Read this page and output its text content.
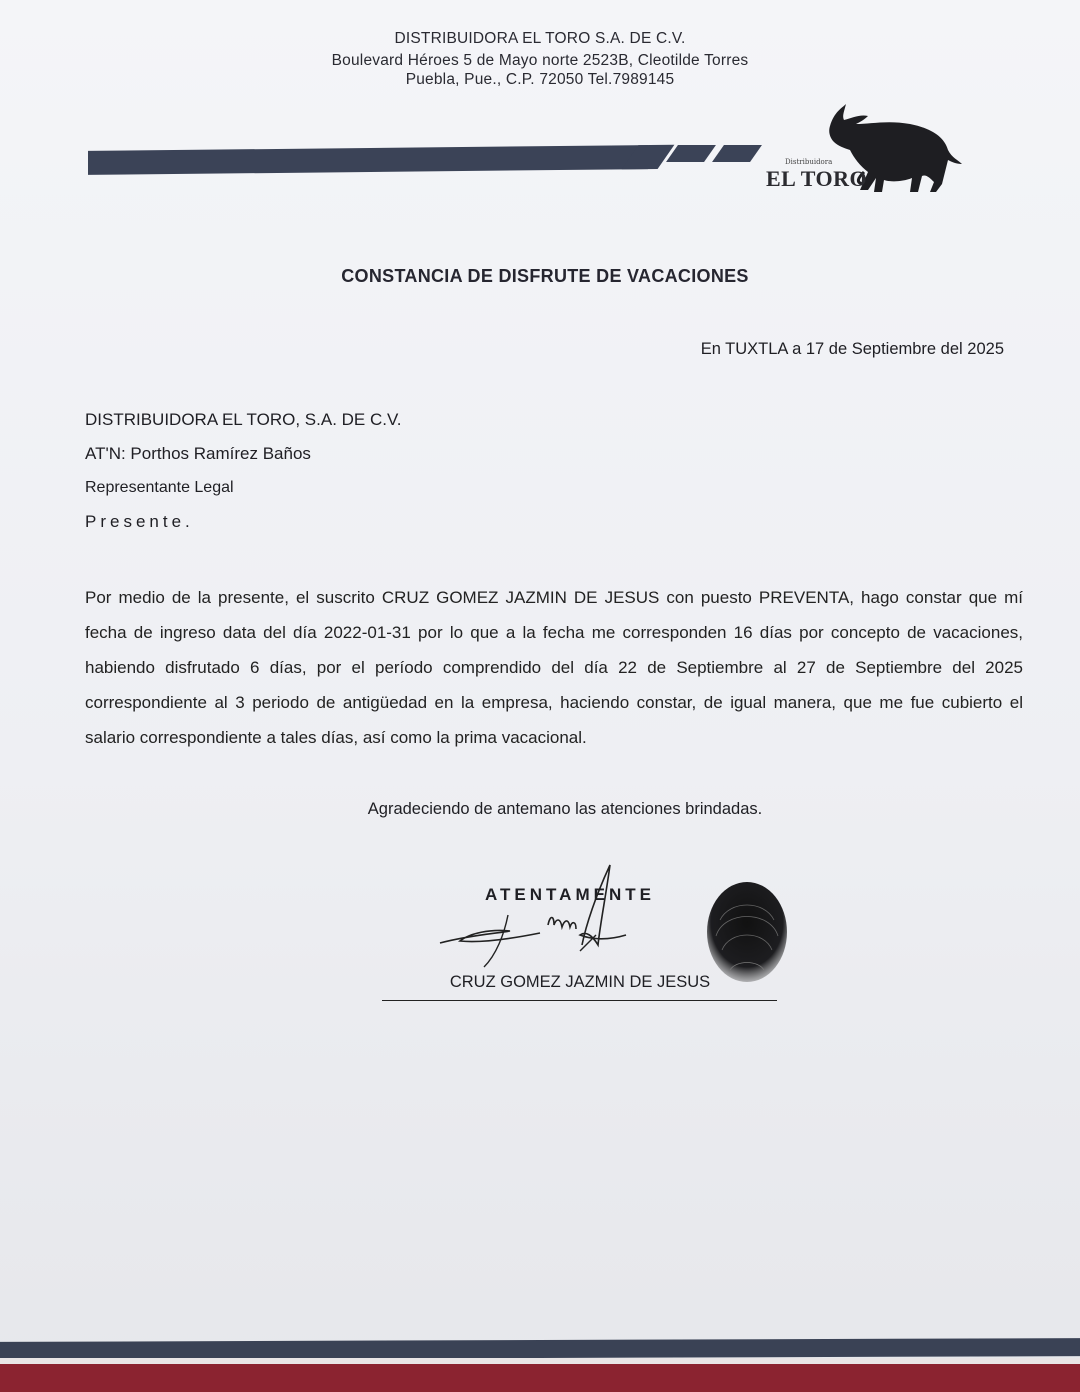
DISTRIBUIDORA EL TORO S.A. DE C.V.
Boulevard Héroes 5 de Mayo norte 2523B, Cleotilde Torres
Puebla, Pue., C.P. 72050 Tel.7989145
Distribuidora
EL TORO
CONSTANCIA DE DISFRUTE DE VACACIONES
En TUXTLA a 17 de Septiembre del 2025
DISTRIBUIDORA EL TORO, S.A. DE C.V.
AT'N: Porthos Ramírez Baños
Representante Legal
Presente.
Por medio de la presente, el suscrito CRUZ GOMEZ JAZMIN DE JESUS con puesto PREVENTA, hago constar que mí fecha de ingreso data del día 2022-01-31 por lo que a la fecha me corresponden 16 días por concepto de vacaciones, habiendo disfrutado 6 días, por el período comprendido del día 22 de Septiembre al 27 de Septiembre del 2025 correspondiente al 3 periodo de antigüedad en la empresa, haciendo constar, de igual manera, que me fue cubierto el salario correspondiente a tales días, así como la prima vacacional.
Agradeciendo de antemano las atenciones brindadas.
ATENTAMENTE
CRUZ GOMEZ JAZMIN DE JESUS
